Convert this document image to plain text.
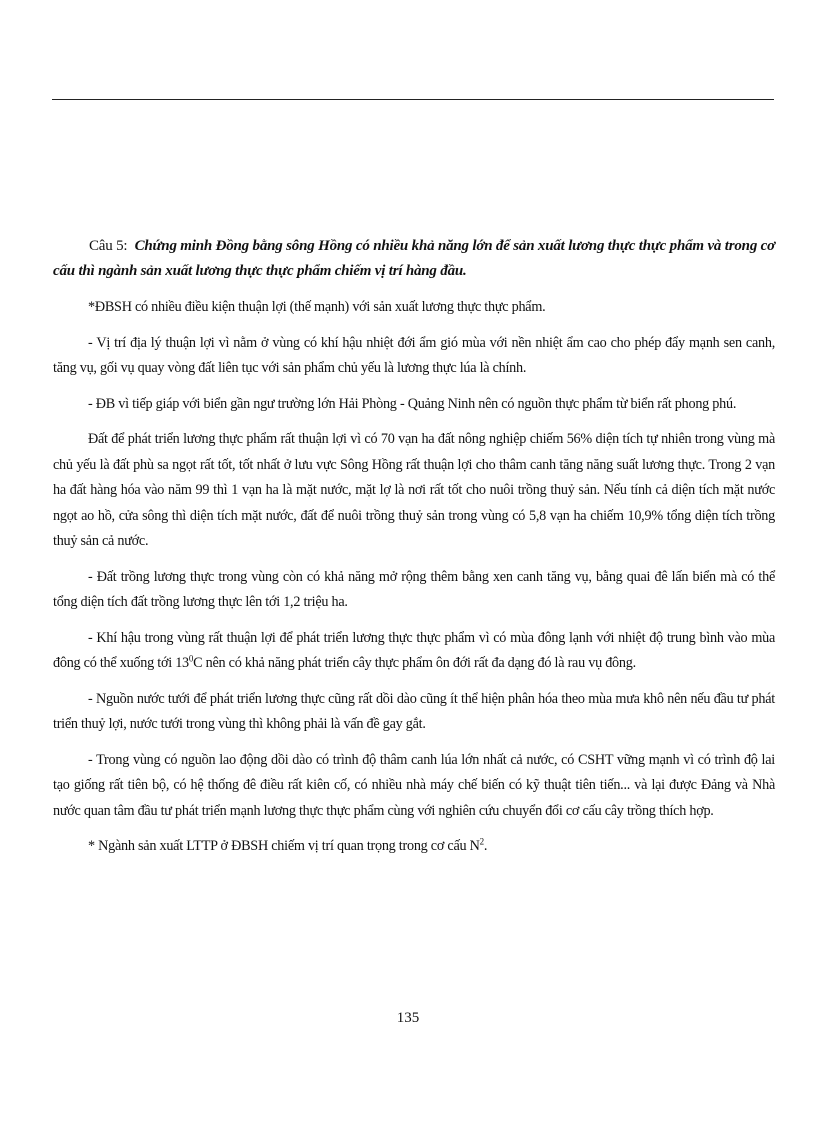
Câu 5: Chứng minh Đồng bằng sông Hồng có nhiều khả năng lớn để sản xuất lương thực thực phẩm và trong cơ cấu thì ngành sản xuất lương thực thực phẩm chiếm vị trí hàng đầu.

*ĐBSH có nhiều điều kiện thuận lợi (thế mạnh) với sản xuất lương thực thực phẩm.

- Vị trí địa lý thuận lợi vì nằm ở vùng có khí hậu nhiệt đới ẩm gió mùa với nền nhiệt ẩm cao cho phép đẩy mạnh sen canh, tăng vụ, gối vụ quay vòng đất liên tục với sản phẩm chủ yếu là lương thực lúa là chính.

- ĐB vì tiếp giáp với biển gần ngư trường lớn Hải Phòng - Quảng Ninh nên có nguồn thực phẩm từ biển rất phong phú.

Đất để phát triển lương thực phẩm rất thuận lợi vì có 70 vạn ha đất nông nghiệp chiếm 56% diện tích tự nhiên trong vùng mà chủ yếu là đất phù sa ngọt rất tốt, tốt nhất ở lưu vực Sông Hồng rất thuận lợi cho thâm canh tăng năng suất lương thực. Trong 2 vạn ha đất hàng hóa vào năm 99 thì 1 vạn ha là mặt nước, mặt lợ là nơi rất tốt cho nuôi trồng thuỷ sản. Nếu tính cả diện tích mặt nước ngọt ao hồ, cửa sông thì diện tích mặt nước, đất để nuôi trồng thuỷ sản trong vùng có 5,8 vạn ha chiếm 10,9% tổng diện tích trồng thuỷ sản cả nước.

- Đất trồng lương thực trong vùng còn có khả năng mở rộng thêm bằng xen canh tăng vụ, bằng quai đê lấn biển mà có thể tổng diện tích đất trồng lương thực lên tới 1,2 triệu ha.

- Khí hậu trong vùng rất thuận lợi để phát triển lương thực thực phẩm vì có mùa đông lạnh với nhiệt độ trung bình vào mùa đông có thể xuống tới $13^0C$ nên có khả năng phát triển cây thực phẩm ôn đới rất đa dạng đó là rau vụ đông.

- Nguồn nước tưới để phát triển lương thực cũng rất dồi dào cũng ít thể hiện phân hóa theo mùa mưa khô nên nếu đầu tư phát triển thuỷ lợi, nước tưới trong vùng thì không phải là vấn đề gay gắt.

- Trong vùng có nguồn lao động dồi dào có trình độ thâm canh lúa lớn nhất cả nước, có CSHT vững mạnh vì có trình độ lai tạo giống rất tiên bộ, có hệ thống đê điều rất kiên cố, có nhiều nhà máy chế biến có kỹ thuật tiên tiến... và lại được Đảng và Nhà nước quan tâm đầu tư phát triển mạnh lương thực thực phẩm cùng với nghiên cứu chuyển đổi cơ cấu cây trồng thích hợp.

* Ngành sản xuất LTTP ở ĐBSH chiếm vị trí quan trọng trong cơ cấu $N^2$.

135
